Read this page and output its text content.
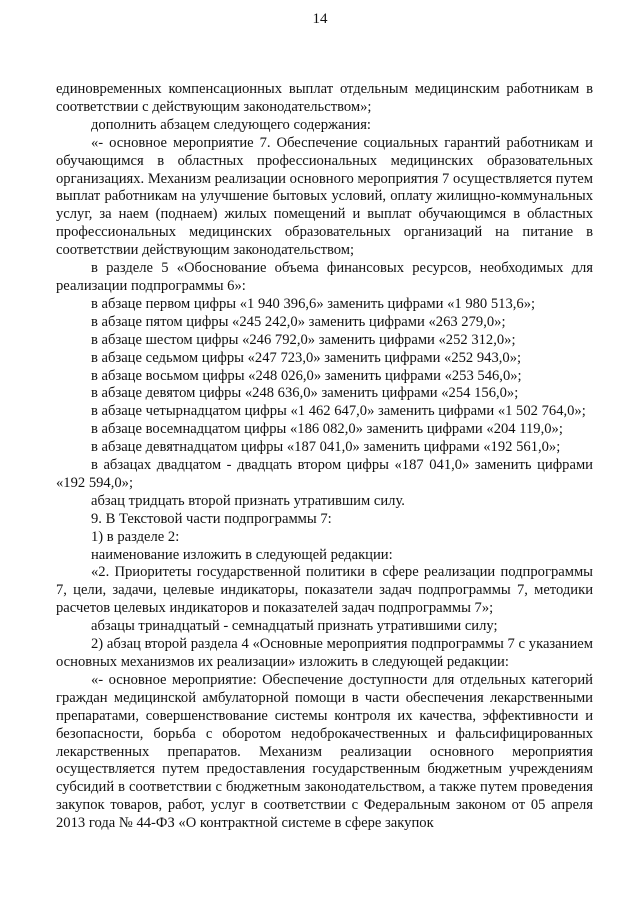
14

единовременных компенсационных выплат отдельным медицинским работникам в соответствии с действующим законодательством»;

дополнить абзацем следующего содержания:

«- основное мероприятие 7. Обеспечение социальных гарантий работникам и обучающимся в областных профессиональных медицинских образовательных организациях. Механизм реализации основного мероприятия 7 осуществляется путем выплат работникам на улучшение бытовых условий, оплату жилищно-коммунальных услуг, за наем (поднаем) жилых помещений и выплат обучающимся в областных профессиональных медицинских образовательных организаций на питание в соответствии действующим законодательством;

в разделе 5 «Обоснование объема финансовых ресурсов, необходимых для реализации подпрограммы 6»:

в абзаце первом цифры «1 940 396,6» заменить цифрами «1 980 513,6»;

в абзаце пятом цифры «245 242,0» заменить цифрами «263 279,0»;

в абзаце шестом цифры «246 792,0» заменить цифрами «252 312,0»;

в абзаце седьмом цифры «247 723,0» заменить цифрами «252 943,0»;

в абзаце восьмом цифры «248 026,0» заменить цифрами «253 546,0»;

в абзаце девятом цифры «248 636,0» заменить цифрами «254 156,0»;

в абзаце четырнадцатом цифры «1 462 647,0» заменить цифрами «1 502 764,0»;

в абзаце восемнадцатом цифры «186 082,0» заменить цифрами «204 119,0»;

в абзаце девятнадцатом цифры «187 041,0» заменить цифрами «192 561,0»;

в абзацах двадцатом - двадцать втором цифры «187 041,0» заменить цифрами «192 594,0»;

абзац тридцать второй признать утратившим силу.

9. В Текстовой части подпрограммы 7:

1) в разделе 2:

наименование изложить в следующей редакции:

«2. Приоритеты государственной политики в сфере реализации подпрограммы 7, цели, задачи, целевые индикаторы, показатели задач подпрограммы 7, методики расчетов целевых индикаторов и показателей задач подпрограммы 7»;

абзацы тринадцатый - семнадцатый признать утратившими силу;

2) абзац второй раздела 4 «Основные мероприятия подпрограммы 7 с указанием основных механизмов их реализации» изложить в следующей редакции:

«- основное мероприятие: Обеспечение доступности для отдельных категорий граждан медицинской амбулаторной помощи в части обеспечения лекарственными препаратами, совершенствование системы контроля их качества, эффективности и безопасности, борьба с оборотом недоброкачественных и фальсифицированных лекарственных препаратов. Механизм реализации основного мероприятия осуществляется путем предоставления государственным бюджетным учреждениям субсидий в соответствии с бюджетным законодательством, а также путем проведения закупок товаров, работ, услуг в соответствии с Федеральным законом от 05 апреля 2013 года № 44-ФЗ «О контрактной системе в сфере закупок
